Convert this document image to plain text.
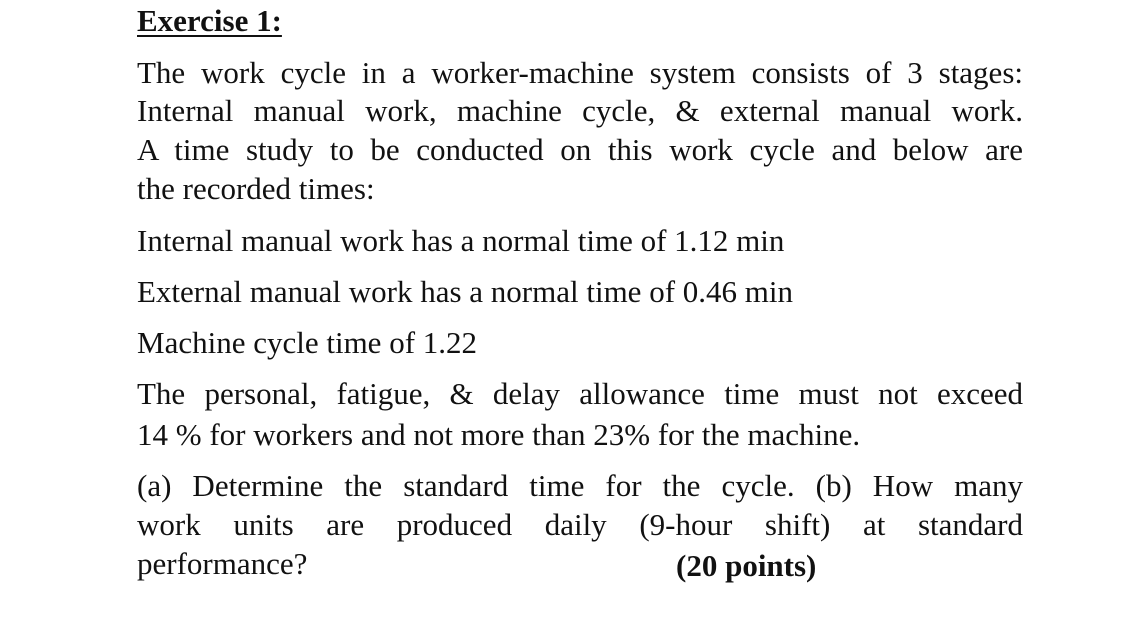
Exercise 1:
The work cycle in a worker-machine system consists of 3 stages:
Internal manual work, machine cycle, & external manual work.
A time study to be conducted on this work cycle and below are
the recorded times:
Internal manual work has a normal time of 1.12 min
External manual work has a normal time of 0.46 min
Machine cycle time of 1.22
The personal, fatigue, & delay allowance time must not exceed
14 % for workers and not more than 23% for the machine.
(a) Determine the standard time for the cycle. (b) How many
work units are produced daily (9-hour shift) at standard
performance?	(20 points)
